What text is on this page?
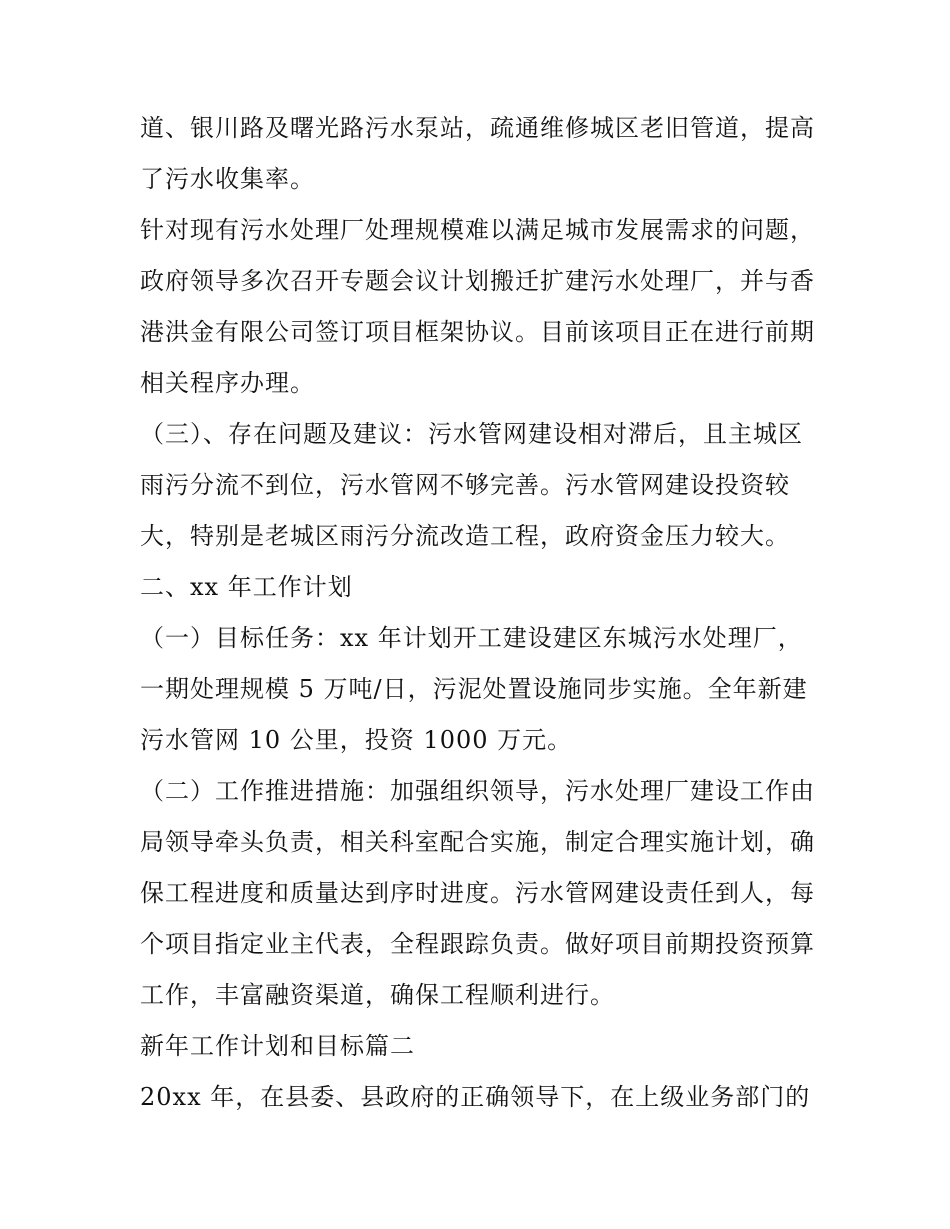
道、银川路及曙光路污水泵站，疏通维修城区老旧管道，提高
了污水收集率。
针对现有污水处理厂处理规模难以满足城市发展需求的问题，
政府领导多次召开专题会议计划搬迁扩建污水处理厂，并与香
港洪金有限公司签订项目框架协议。目前该项目正在进行前期
相关程序办理。
（三）、存在问题及建议：污水管网建设相对滞后，且主城区
雨污分流不到位，污水管网不够完善。污水管网建设投资较
大，特别是老城区雨污分流改造工程，政府资金压力较大。
二、xx 年工作计划
（一）目标任务：xx 年计划开工建设建区东城污水处理厂，
一期处理规模 5 万吨/日，污泥处置设施同步实施。全年新建
污水管网 10 公里，投资 1000 万元。
（二）工作推进措施：加强组织领导，污水处理厂建设工作由
局领导牵头负责，相关科室配合实施，制定合理实施计划，确
保工程进度和质量达到序时进度。污水管网建设责任到人，每
个项目指定业主代表，全程跟踪负责。做好项目前期投资预算
工作，丰富融资渠道，确保工程顺利进行。
新年工作计划和目标篇二
20xx 年，在县委、县政府的正确领导下，在上级业务部门的
